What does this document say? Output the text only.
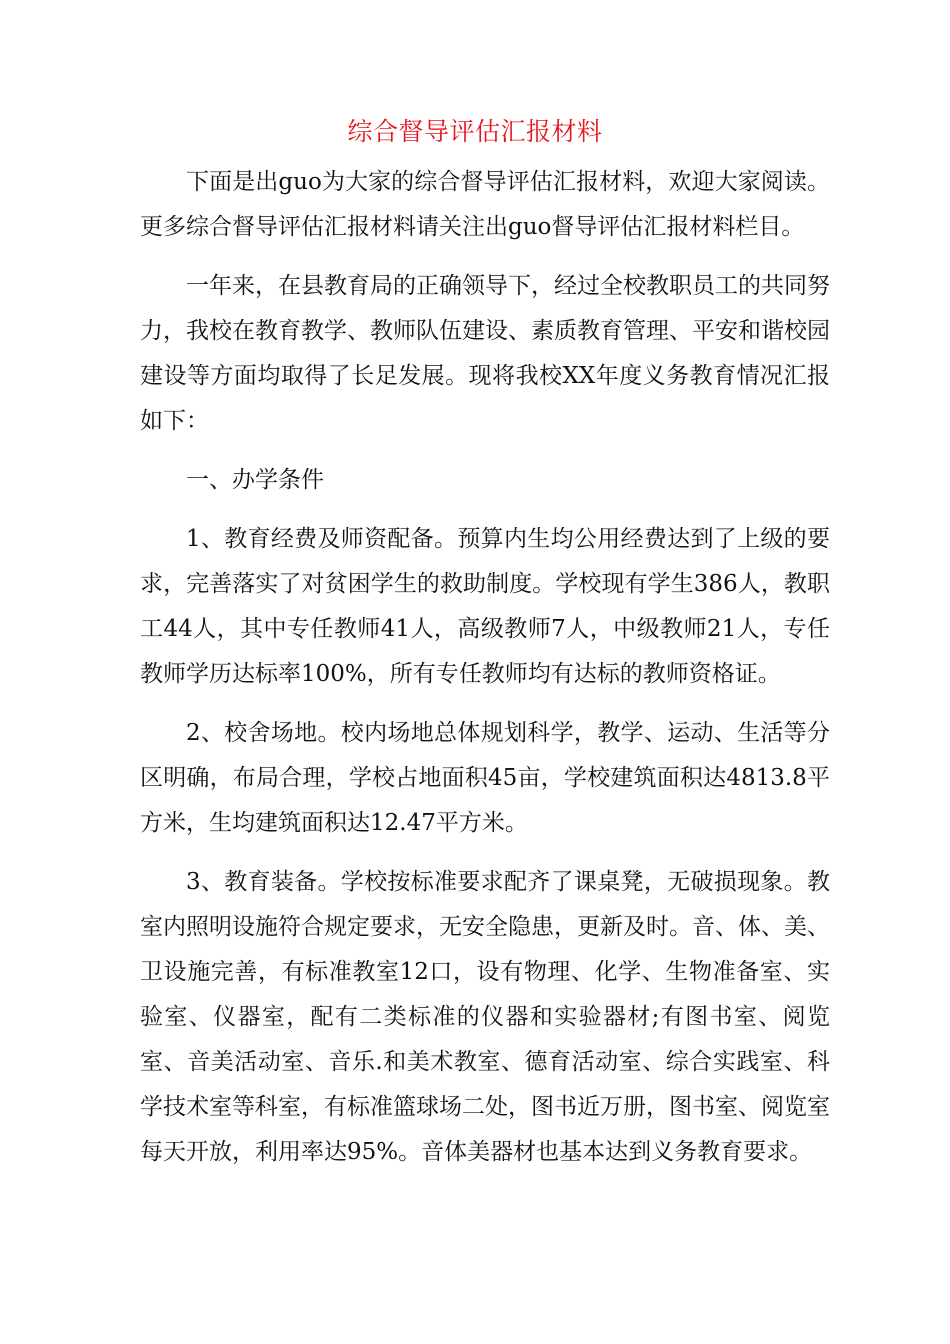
综合督导评估汇报材料

下面是出guo为大家的综合督导评估汇报材料，欢迎大家阅读。更多综合督导评估汇报材料请关注出guo督导评估汇报材料栏目。

一年来，在县教育局的正确领导下，经过全校教职员工的共同努力，我校在教育教学、教师队伍建设、素质教育管理、平安和谐校园建设等方面均取得了长足发展。现将我校XX年度义务教育情况汇报如下：

一、办学条件

1、教育经费及师资配备。预算内生均公用经费达到了上级的要求，完善落实了对贫困学生的救助制度。学校现有学生386人，教职工44人，其中专任教师41人，高级教师7人，中级教师21人，专任教师学历达标率100%，所有专任教师均有达标的教师资格证。

2、校舍场地。校内场地总体规划科学，教学、运动、生活等分区明确，布局合理，学校占地面积45亩，学校建筑面积达4813.8平方米，生均建筑面积达12.47平方米。

3、教育装备。学校按标准要求配齐了课桌凳，无破损现象。教室内照明设施符合规定要求，无安全隐患，更新及时。音、体、美、卫设施完善，有标准教室12口，设有物理、化学、生物准备室、实验室、仪器室，配有二类标准的仪器和实验器材;有图书室、阅览室、音美活动室、音乐.和美术教室、德育活动室、综合实践室、科学技术室等科室，有标准篮球场二处，图书近万册，图书室、阅览室每天开放，利用率达95%。音体美器材也基本达到义务教育要求。
